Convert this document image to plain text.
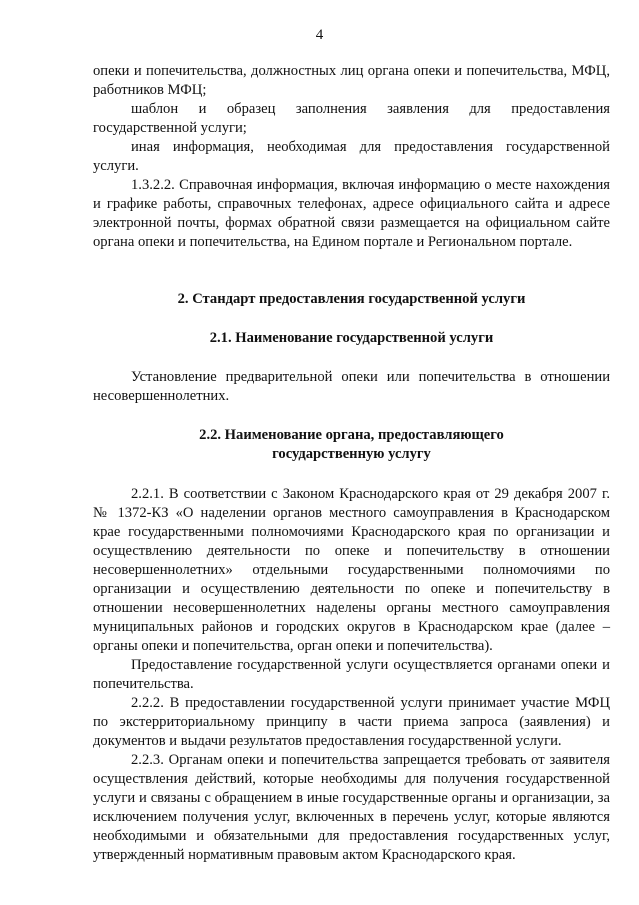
4

опеки и попечительства, должностных лиц органа опеки и попечительства, МФЦ, работников МФЦ;

шаблон и образец заполнения заявления для предоставления государственной услуги;

иная информация, необходимая для предоставления государственной услуги.

1.3.2.2. Справочная информация, включая информацию о месте нахождения и графике работы, справочных телефонах, адресе официального сайта и адресе электронной почты, формах обратной связи размещается на официальном сайте органа опеки и попечительства, на Едином портале и Региональном портале.

2. Стандарт предоставления государственной услуги
2.1. Наименование государственной услуги

Установление предварительной опеки или попечительства в отношении несовершеннолетних.

2.2. Наименование органа, предоставляющего
государственную услугу

2.2.1. В соответствии с Законом Краснодарского края от 29 декабря 2007 г. № 1372-КЗ «О наделении органов местного самоуправления в Краснодарском крае государственными полномочиями Краснодарского края по организации и осуществлению деятельности по опеке и попечительству в отношении несовершеннолетних» отдельными государственными полномочиями по организации и осуществлению деятельности по опеке и попечительству в отношении несовершеннолетних наделены органы местного самоуправления муниципальных районов и городских округов в Краснодарском крае (далее – органы опеки и попечительства, орган опеки и попечительства).

Предоставление государственной услуги осуществляется органами опеки и попечительства.

2.2.2. В предоставлении государственной услуги принимает участие МФЦ по экстерриториальному принципу в части приема запроса (заявления) и документов и выдачи результатов предоставления государственной услуги.

2.2.3. Органам опеки и попечительства запрещается требовать от заявителя осуществления действий, которые необходимы для получения государственной услуги и связаны с обращением в иные государственные органы и организации, за исключением получения услуг, включенных в перечень услуг, которые являются необходимыми и обязательными для предоставления государственных услуг, утвержденный нормативным правовым актом Краснодарского края.
